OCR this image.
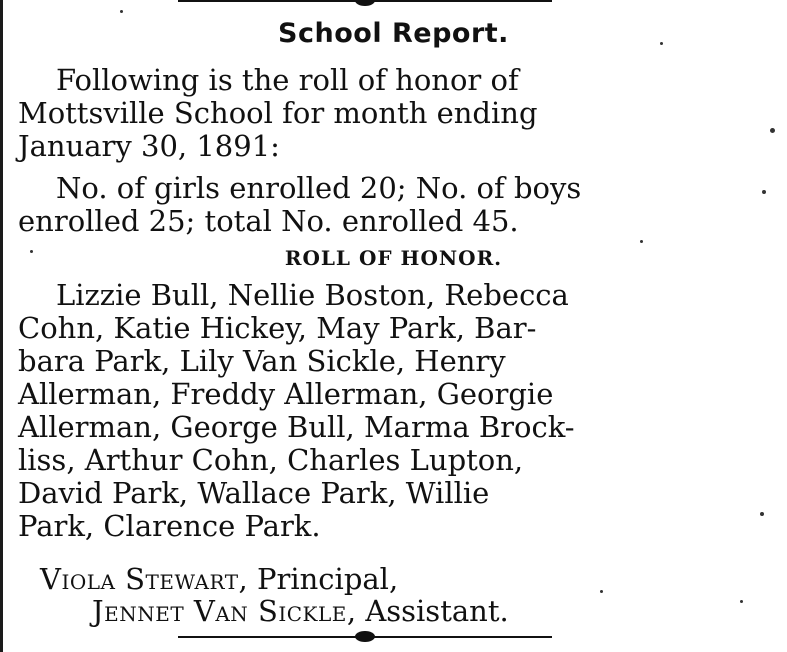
School Report.
Following is the roll of honor of
Mottsville School for month ending
January 30, 1891:
No. of girls enrolled 20; No. of boys
enrolled 25; total No. enrolled 45.
ROLL OF HONOR.
Lizzie Bull, Nellie Boston, Rebecca
Cohn, Katie Hickey, May Park, Bar-
bara Park, Lily Van Sickle, Henry
Allerman, Freddy Allerman, Georgie
Allerman, George Bull, Marma Brock-
liss, Arthur Cohn, Charles Lupton,
David Park, Wallace Park, Willie
Park, Clarence Park.
Viola Stewart, Principal,
Jennet Van Sickle, Assistant.
